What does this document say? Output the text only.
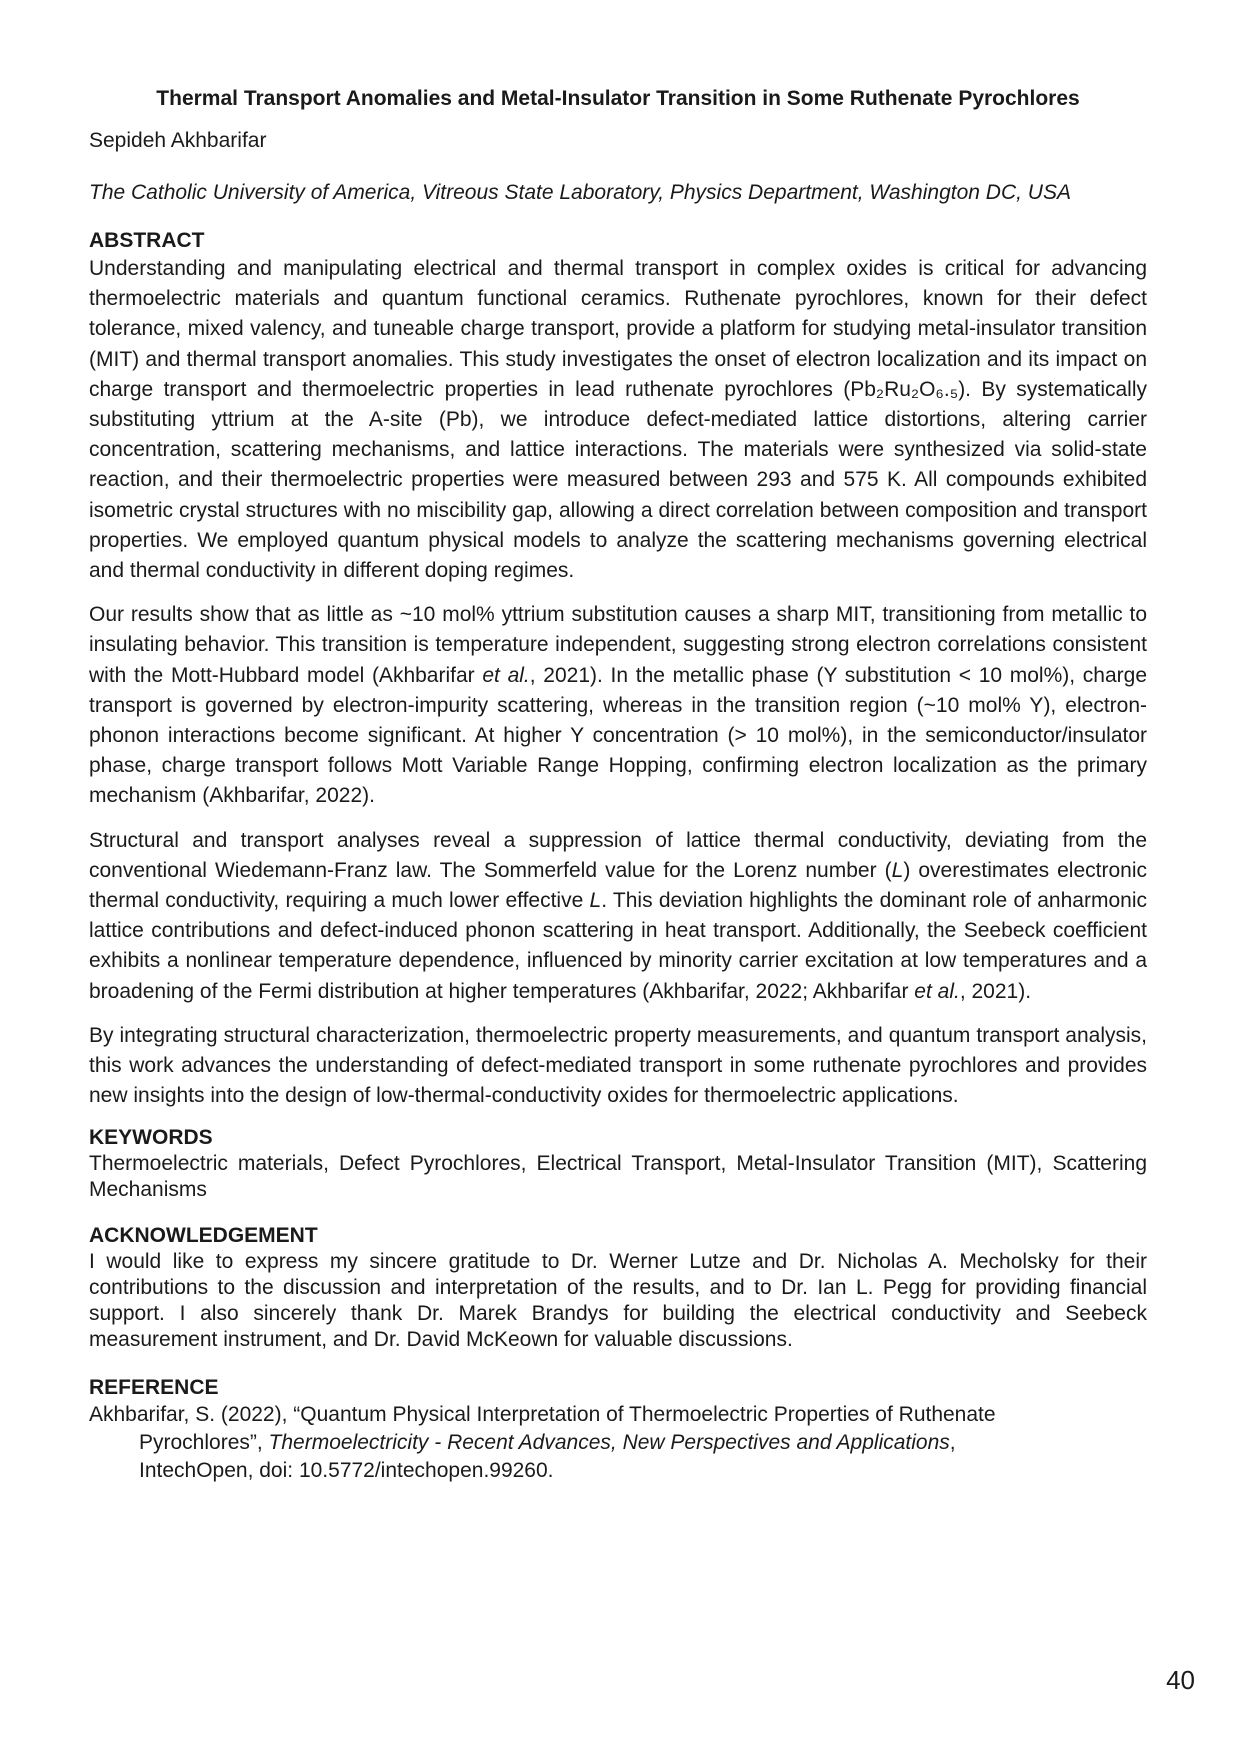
Thermal Transport Anomalies and Metal-Insulator Transition in Some Ruthenate Pyrochlores

Sepideh Akhbarifar

The Catholic University of America, Vitreous State Laboratory, Physics Department, Washington DC, USA

ABSTRACT

Understanding and manipulating electrical and thermal transport in complex oxides is critical for advancing thermoelectric materials and quantum functional ceramics. Ruthenate pyrochlores, known for their defect tolerance, mixed valency, and tuneable charge transport, provide a platform for studying metal-insulator transition (MIT) and thermal transport anomalies. This study investigates the onset of electron localization and its impact on charge transport and thermoelectric properties in lead ruthenate pyrochlores (Pb₂Ru₂O₆.₅). By systematically substituting yttrium at the A-site (Pb), we introduce defect-mediated lattice distortions, altering carrier concentration, scattering mechanisms, and lattice interactions. The materials were synthesized via solid-state reaction, and their thermoelectric properties were measured between 293 and 575 K. All compounds exhibited isometric crystal structures with no miscibility gap, allowing a direct correlation between composition and transport properties. We employed quantum physical models to analyze the scattering mechanisms governing electrical and thermal conductivity in different doping regimes.

Our results show that as little as ~10 mol% yttrium substitution causes a sharp MIT, transitioning from metallic to insulating behavior. This transition is temperature independent, suggesting strong electron correlations consistent with the Mott-Hubbard model (Akhbarifar et al., 2021). In the metallic phase (Y substitution < 10 mol%), charge transport is governed by electron-impurity scattering, whereas in the transition region (~10 mol% Y), electron-phonon interactions become significant. At higher Y concentration (> 10 mol%), in the semiconductor/insulator phase, charge transport follows Mott Variable Range Hopping, confirming electron localization as the primary mechanism (Akhbarifar, 2022).

Structural and transport analyses reveal a suppression of lattice thermal conductivity, deviating from the conventional Wiedemann-Franz law. The Sommerfeld value for the Lorenz number (L) overestimates electronic thermal conductivity, requiring a much lower effective L. This deviation highlights the dominant role of anharmonic lattice contributions and defect-induced phonon scattering in heat transport. Additionally, the Seebeck coefficient exhibits a nonlinear temperature dependence, influenced by minority carrier excitation at low temperatures and a broadening of the Fermi distribution at higher temperatures (Akhbarifar, 2022; Akhbarifar et al., 2021).

By integrating structural characterization, thermoelectric property measurements, and quantum transport analysis, this work advances the understanding of defect-mediated transport in some ruthenate pyrochlores and provides new insights into the design of low-thermal-conductivity oxides for thermoelectric applications.

KEYWORDS

Thermoelectric materials, Defect Pyrochlores, Electrical Transport, Metal-Insulator Transition (MIT), Scattering Mechanisms

ACKNOWLEDGEMENT

I would like to express my sincere gratitude to Dr. Werner Lutze and Dr. Nicholas A. Mecholsky for their contributions to the discussion and interpretation of the results, and to Dr. Ian L. Pegg for providing financial support. I also sincerely thank Dr. Marek Brandys for building the electrical conductivity and Seebeck measurement instrument, and Dr. David McKeown for valuable discussions.

REFERENCE

Akhbarifar, S. (2022), “Quantum Physical Interpretation of Thermoelectric Properties of Ruthenate

Pyrochlores”, Thermoelectricity - Recent Advances, New Perspectives and Applications,

IntechOpen, doi: 10.5772/intechopen.99260.

40
